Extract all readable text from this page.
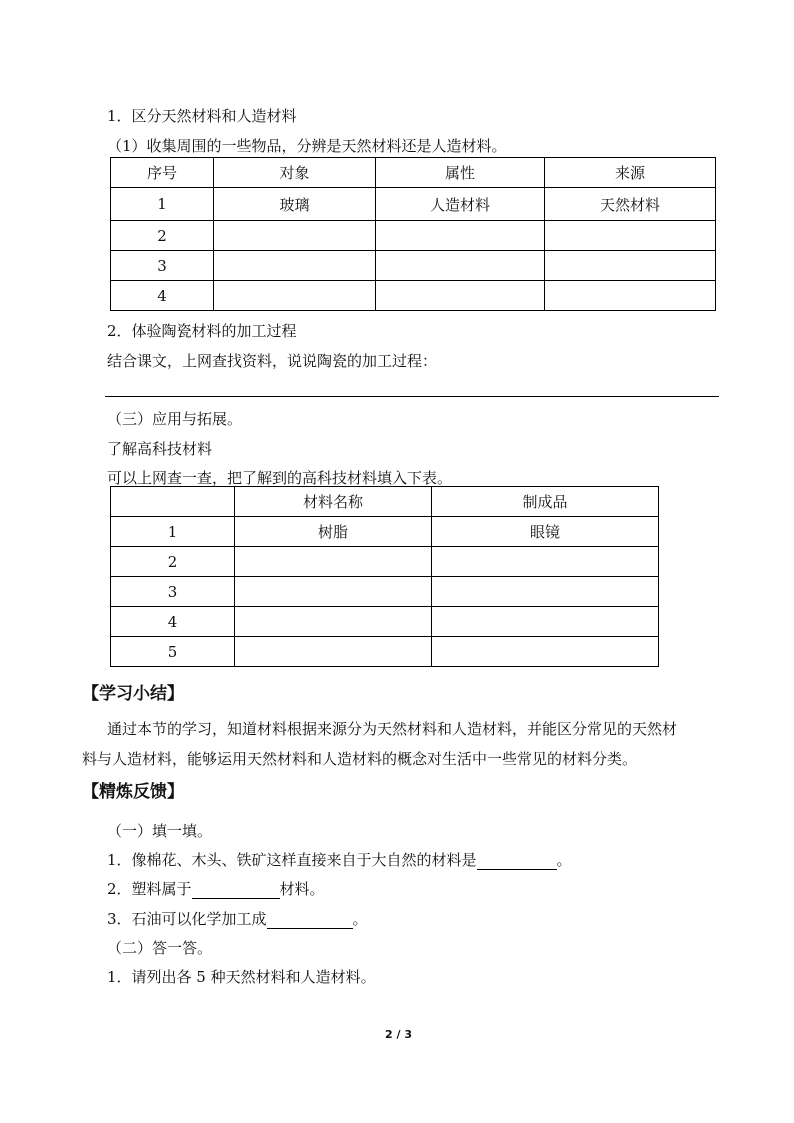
1．区分天然材料和人造材料
（1）收集周围的一些物品，分辨是天然材料还是人造材料。
序号	对象	属性	来源
1	玻璃	人造材料	天然材料
2			
3			
4			
2．体验陶瓷材料的加工过程
结合课文，上网查找资料，说说陶瓷的加工过程：
（三）应用与拓展。
了解高科技材料
可以上网查一查，把了解到的高科技材料填入下表。
	材料名称	制成品
1	树脂	眼镜
2		
3		
4		
5		
【学习小结】
通过本节的学习，知道材料根据来源分为天然材料和人造材料，并能区分常见的天然材
料与人造材料，能够运用天然材料和人造材料的概念对生活中一些常见的材料分类。
【精炼反馈】
（一）填一填。
1．像棉花、木头、铁矿这样直接来自于大自然的材料是	。
2．塑料属于	材料。
3．石油可以化学加工成	。
（二）答一答。
1．请列出各 5 种天然材料和人造材料。
2 / 3
